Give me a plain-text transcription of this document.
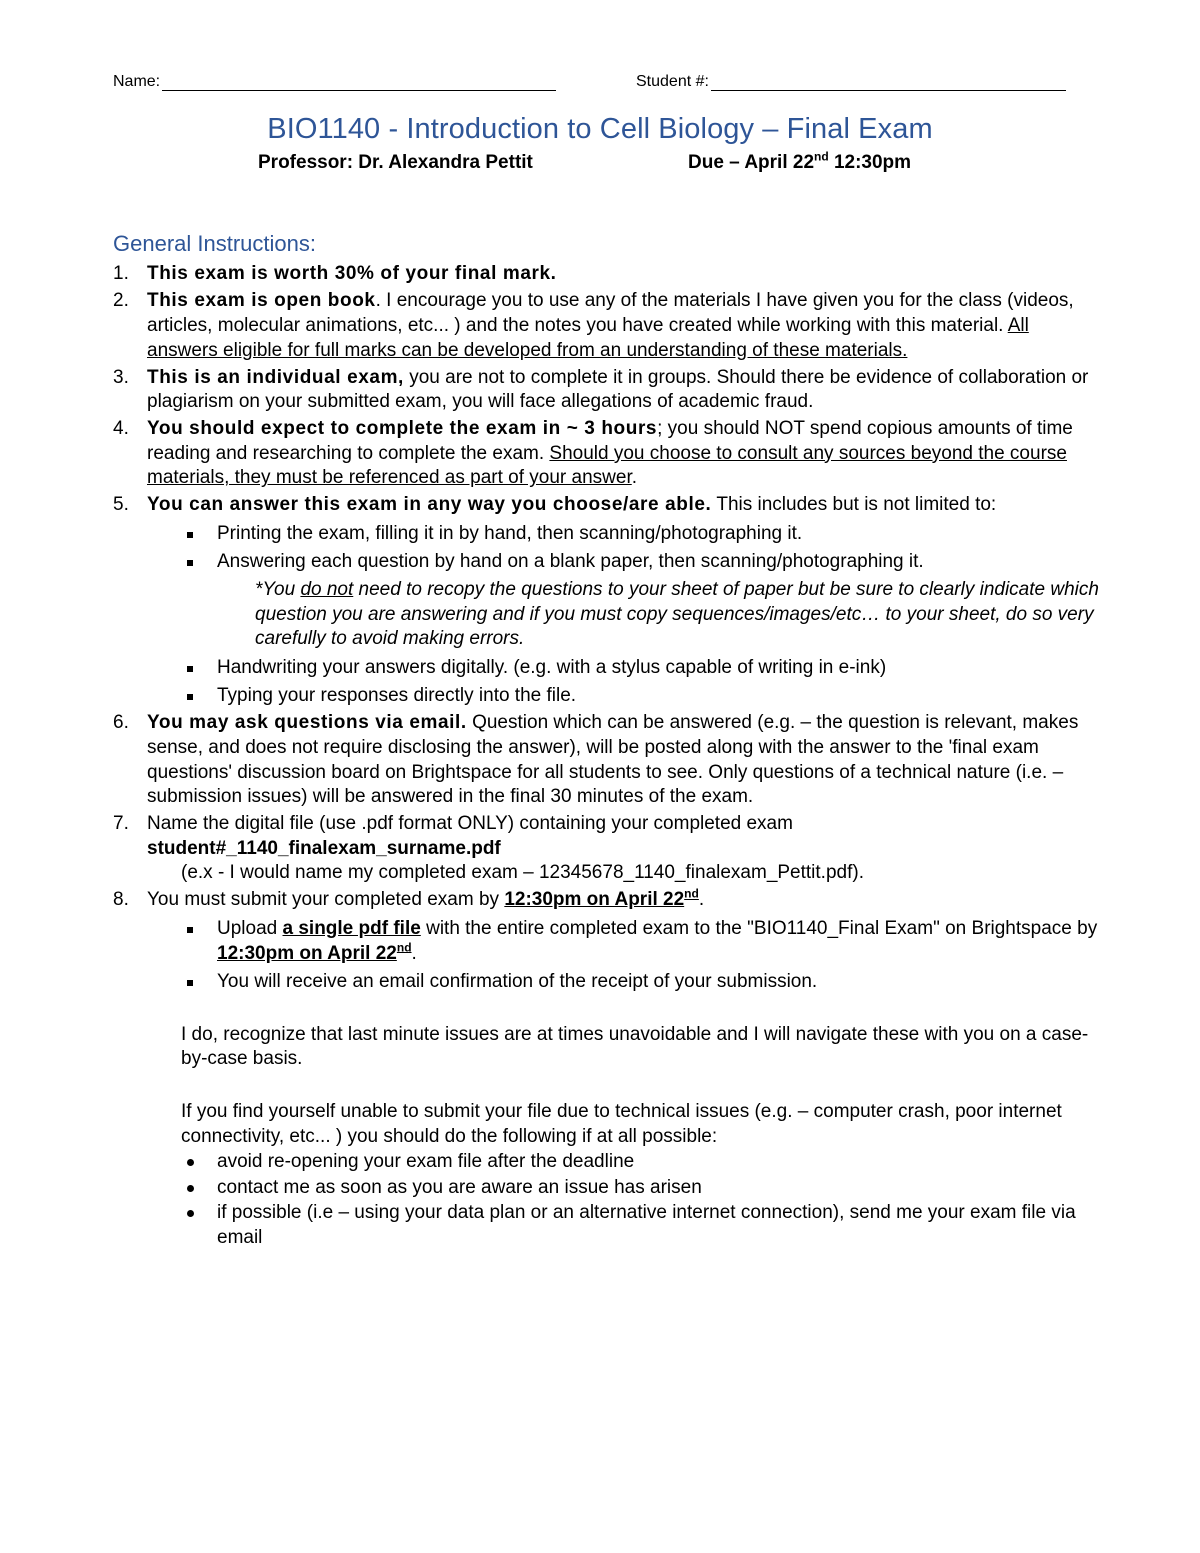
Name:	Student #:
BIO1140 - Introduction to Cell Biology – Final Exam
Professor: Dr. Alexandra Pettit	Due – April 22nd 12:30pm
General Instructions:
1. This exam is worth 30% of your final mark.
2. This exam is open book. I encourage you to use any of the materials I have given you for the class (videos, articles, molecular animations, etc... ) and the notes you have created while working with this material. All answers eligible for full marks can be developed from an understanding of these materials.
3. This is an individual exam, you are not to complete it in groups. Should there be evidence of collaboration or plagiarism on your submitted exam, you will face allegations of academic fraud.
4. You should expect to complete the exam in ~ 3 hours; you should NOT spend copious amounts of time reading and researching to complete the exam. Should you choose to consult any sources beyond the course materials, they must be referenced as part of your answer.
5. You can answer this exam in any way you choose/are able. This includes but is not limited to:
Printing the exam, filling it in by hand, then scanning/photographing it.
Answering each question by hand on a blank paper, then scanning/photographing it.
*You do not need to recopy the questions to your sheet of paper but be sure to clearly indicate which question you are answering and if you must copy sequences/images/etc… to your sheet, do so very carefully to avoid making errors.
Handwriting your answers digitally. (e.g. with a stylus capable of writing in e-ink)
Typing your responses directly into the file.
6. You may ask questions via email. Question which can be answered (e.g. – the question is relevant, makes sense, and does not require disclosing the answer), will be posted along with the answer to the 'final exam questions' discussion board on Brightspace for all students to see. Only questions of a technical nature (i.e. – submission issues) will be answered in the final 30 minutes of the exam.
7. Name the digital file (use .pdf format ONLY) containing your completed exam
student#_1140_finalexam_surname.pdf
(e.x - I would name my completed exam – 12345678_1140_finalexam_Pettit.pdf).
8. You must submit your completed exam by 12:30pm on April 22nd.
Upload a single pdf file with the entire completed exam to the "BIO1140_Final Exam" on Brightspace by 12:30pm on April 22nd.
You will receive an email confirmation of the receipt of your submission.
I do, recognize that last minute issues are at times unavoidable and I will navigate these with you on a case-by-case basis.
If you find yourself unable to submit your file due to technical issues (e.g. – computer crash, poor internet connectivity, etc... ) you should do the following if at all possible:
avoid re-opening your exam file after the deadline
contact me as soon as you are aware an issue has arisen
if possible (i.e – using your data plan or an alternative internet connection), send me your exam file via email
